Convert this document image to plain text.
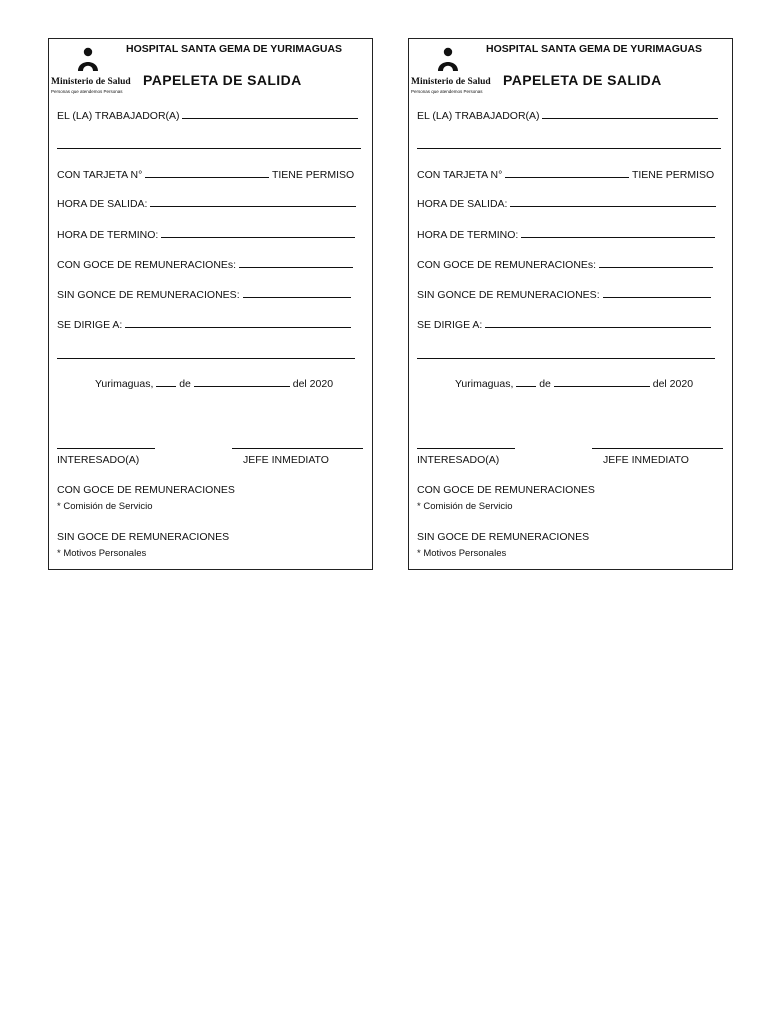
Ministerio de Salud
Personas que atendemos Personas
HOSPITAL SANTA GEMA DE YURIMAGUAS
PAPELETA DE SALIDA
EL (LA) TRABAJADOR(A)
CON TARJETA N°	TIENE PERMISO
HORA DE SALIDA:
HORA DE TERMINO:
CON GOCE DE REMUNERACIONEs:
SIN GONCE DE REMUNERACIONES:
SE DIRIGE A:
Yurimaguas, de	del 2020
INTERESADO(A)	JEFE INMEDIATO
CON GOCE DE REMUNERACIONES
* Comisión de Servicio
SIN GOCE DE REMUNERACIONES
* Motivos Personales
Ministerio de Salud
Personas que atendemos Personas
HOSPITAL SANTA GEMA DE YURIMAGUAS
PAPELETA DE SALIDA
EL (LA) TRABAJADOR(A)
CON TARJETA N°	TIENE PERMISO
HORA DE SALIDA:
HORA DE TERMINO:
CON GOCE DE REMUNERACIONEs:
SIN GONCE DE REMUNERACIONES:
SE DIRIGE A:
Yurimaguas, de	del 2020
INTERESADO(A)	JEFE INMEDIATO
CON GOCE DE REMUNERACIONES
* Comisión de Servicio
SIN GOCE DE REMUNERACIONES
* Motivos Personales
